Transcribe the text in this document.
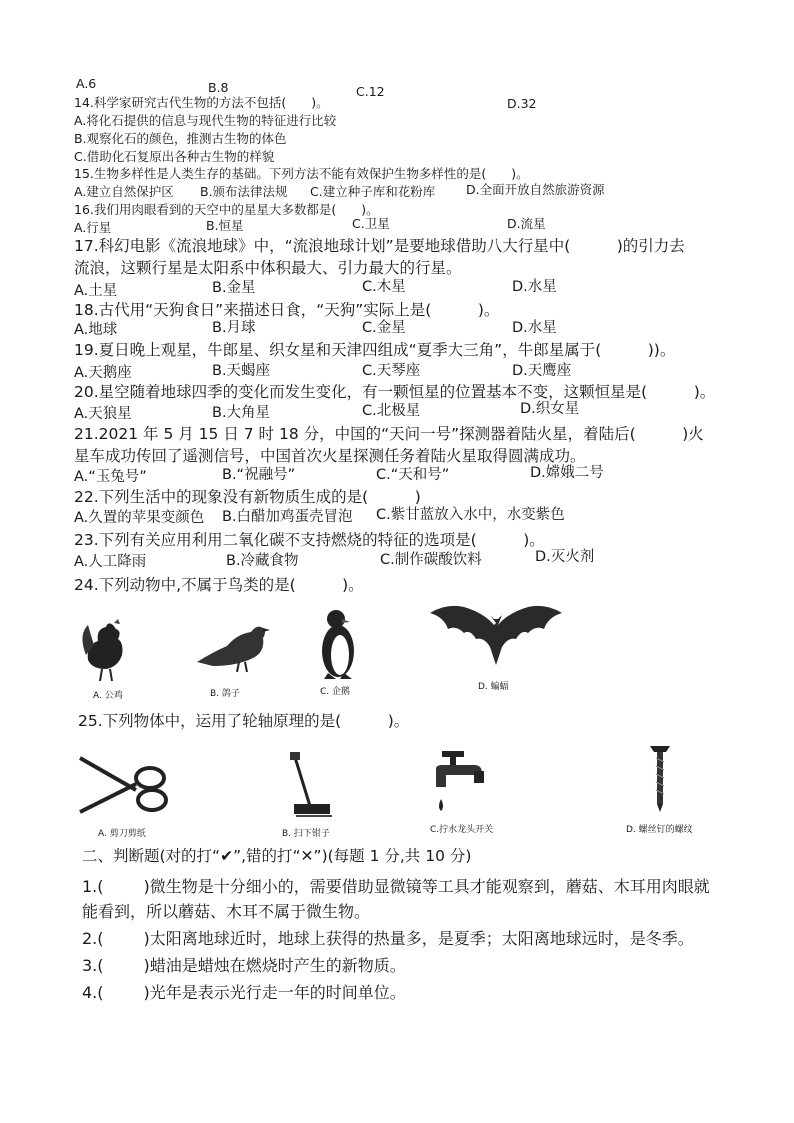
A.6	B.8	C.12
D.32
14.科学家研究古代生物的方法不包括(　　)。
A.将化石提供的信息与现代生物的特征进行比较
B.观察化石的颜色，推测古生物的体色
C.借助化石复原出各种古生物的样貌
15.生物多样性是人类生存的基础。下列方法不能有效保护生物多样性的是(　　)。
A.建立自然保护区 B.颁布法律法规 C.建立种子库和花粉库 D.全面开放自然旅游资源
16.我们用肉眼看到的天空中的星星大多数都是(　　)。
A.行星	B.恒星	C.卫星	D.流星
17.科幻电影《流浪地球》中，“流浪地球计划”是要地球借助八大行星中(　　　)的引力去
流浪，这颗行星是太阳系中体积最大、引力最大的行星。
A.土星	B.金星	C.木星	D.水星
18.古代用“天狗食日”来描述日食，“天狗”实际上是(　　　)。
A.地球	B.月球	C.金星	D.水星
19.夏日晚上观星，牛郎星、织女星和天津四组成“夏季大三角”，牛郎星属于(　　　))。
A.天鹅座	B.天蝎座	C.天琴座	D.天鹰座
20.星空随着地球四季的变化而发生变化，有一颗恒星的位置基本不变，这颗恒星是(　　　)。
A.天狼星	B.大角星	C.北极星	D.织女星
21.2021 年 5 月 15 日 7 时 18 分，中国的“天问一号”探测器着陆火星，着陆后(　　　)火
星车成功传回了遥测信号，中国首次火星探测任务着陆火星取得圆满成功。
A.“玉兔号”	B.“祝融号”	C.“天和号”	D.嫦娥二号
22.下列生活中的现象没有新物质生成的是(　　　)
A.久置的苹果变颜色 B.白醋加鸡蛋壳冒泡 C.紫甘蓝放入水中，水变紫色
23.下列有关应用利用二氧化碳不支持燃烧的特征的选项是(　　　)。
A.人工降雨	B.冷藏食物	C.制作碳酸饮料	D.灭火剂
24.下列动物中,不属于鸟类的是(　　　)。
A. 公鸡	B. 鸽子	C. 企鹅	D. 蝙蝠
25.下列物体中，运用了轮轴原理的是(　　　)。
A. 剪刀剪纸	B. 扫下钳子	C.拧水龙头开关	D. 螺丝钉的螺纹
二、判断题(对的打“✔”,错的打“✕”)(每题 1 分,共 10 分)
1.(	)微生物是十分细小的，需要借助显微镜等工具才能观察到，蘑菇、木耳用肉眼就
能看到，所以蘑菇、木耳不属于微生物。
2.(	)太阳离地球近时，地球上获得的热量多，是夏季；太阳离地球远时，是冬季。
3.(	)蜡油是蜡烛在燃烧时产生的新物质。
4.(	)光年是表示光行走一年的时间单位。
